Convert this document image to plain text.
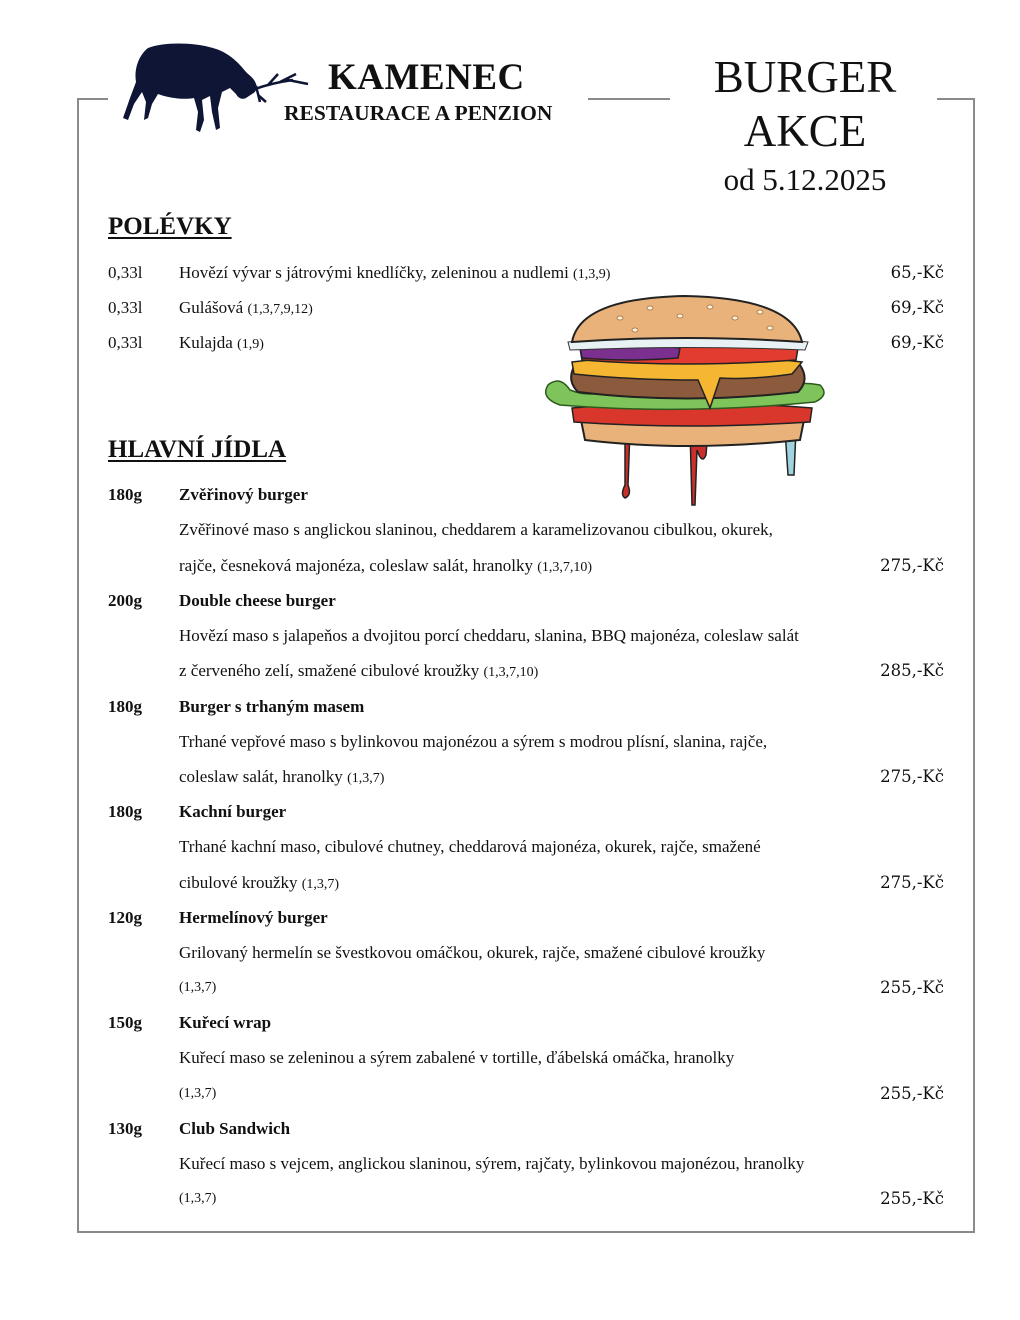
KAMENEC
RESTAURACE A PENZION
BURGER
AKCE
od 5.12.2025
POLÉVKY
0,33l Hovězí vývar s játrovými knedlíčky, zeleninou a nudlemi (1,3,9)	65,-Kč
0,33l Gulášová (1,3,7,9,12)	69,-Kč
0,33l Kulajda (1,9)	69,-Kč
HLAVNÍ JÍDLA
180g Zvěřinový burger
Zvěřinové maso s anglickou slaninou, cheddarem a karamelizovanou cibulkou, okurek,
rajče, česneková majonéza, coleslaw salát, hranolky (1,3,7,10)	275,-Kč
200g Double cheese burger
Hovězí maso s jalapeňos a dvojitou porcí cheddaru, slanina, BBQ majonéza, coleslaw salát
z červeného zelí, smažené cibulové kroužky (1,3,7,10)	285,-Kč
180g Burger s trhaným masem
Trhané vepřové maso s bylinkovou majonézou a sýrem s modrou plísní, slanina, rajče,
coleslaw salát, hranolky (1,3,7)	275,-Kč
180g Kachní burger
Trhané kachní maso, cibulové chutney, cheddarová majonéza, okurek, rajče, smažené
cibulové kroužky (1,3,7)	275,-Kč
120g Hermelínový burger
Grilovaný hermelín se švestkovou omáčkou, okurek, rajče, smažené cibulové kroužky
(1,3,7)	255,-Kč
150g Kuřecí wrap
Kuřecí maso se zeleninou a sýrem zabalené v tortille, ďábelská omáčka, hranolky
(1,3,7)	255,-Kč
130g Club Sandwich
Kuřecí maso s vejcem, anglickou slaninou, sýrem, rajčaty, bylinkovou majonézou, hranolky
(1,3,7)	255,-Kč
